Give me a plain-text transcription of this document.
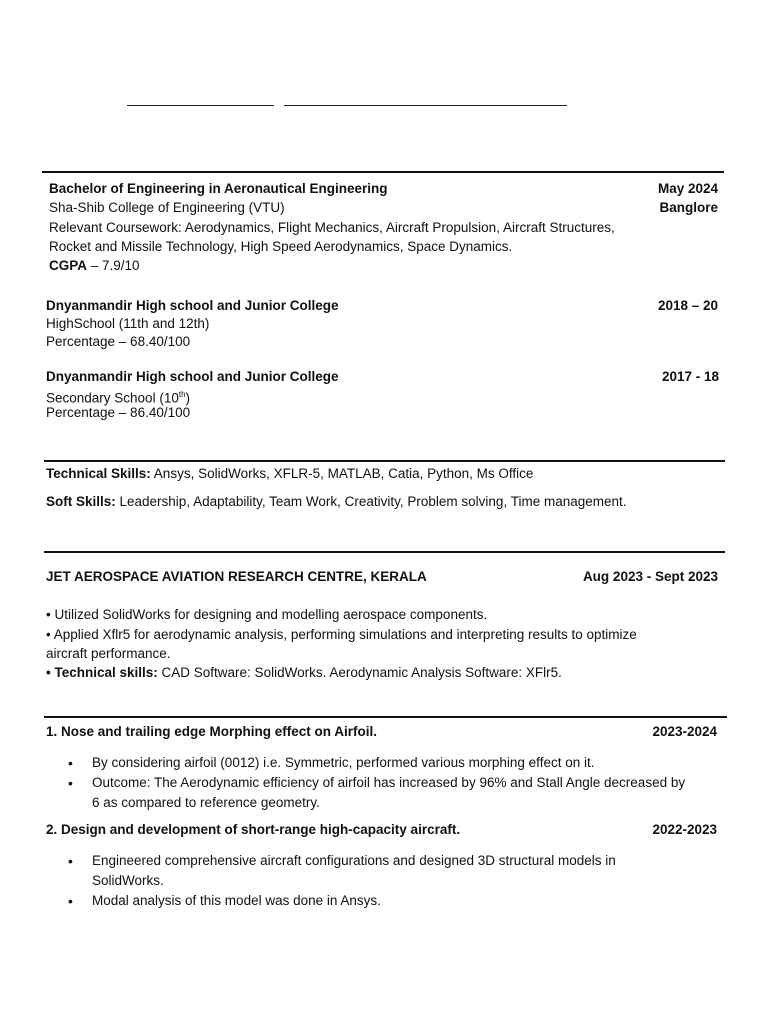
Bachelor of Engineering in Aeronautical Engineering	May 2024
Sha-Shib College of Engineering (VTU)	Banglore
Relevant Coursework: Aerodynamics, Flight Mechanics, Aircraft Propulsion, Aircraft Structures,
Rocket and Missile Technology, High Speed Aerodynamics, Space Dynamics.
CGPA – 7.9/10
Dnyanmandir High school and Junior College	2018 – 20
HighSchool (11th and 12th)
Percentage – 68.40/100
Dnyanmandir High school and Junior College	2017 - 18
Secondary School (10th)
Percentage – 86.40/100
Technical Skills: Ansys, SolidWorks, XFLR-5, MATLAB, Catia, Python, Ms Office
Soft Skills: Leadership, Adaptability, Team Work, Creativity, Problem solving, Time management.
JET AEROSPACE AVIATION RESEARCH CENTRE, KERALA	Aug 2023 - Sept 2023
• Utilized SolidWorks for designing and modelling aerospace components.
• Applied Xflr5 for aerodynamic analysis, performing simulations and interpreting results to optimize
aircraft performance.
• Technical skills: CAD Software: SolidWorks. Aerodynamic Analysis Software: XFlr5.
1. Nose and trailing edge Morphing effect on Airfoil.	2023-2024
• By considering airfoil (0012) i.e. Symmetric, performed various morphing effect on it.
• Outcome: The Aerodynamic efficiency of airfoil has increased by 96% and Stall Angle decreased by 6 as compared to reference geometry.
2. Design and development of short-range high-capacity aircraft.	2022-2023
• Engineered comprehensive aircraft configurations and designed 3D structural models in SolidWorks.
• Modal analysis of this model was done in Ansys.
